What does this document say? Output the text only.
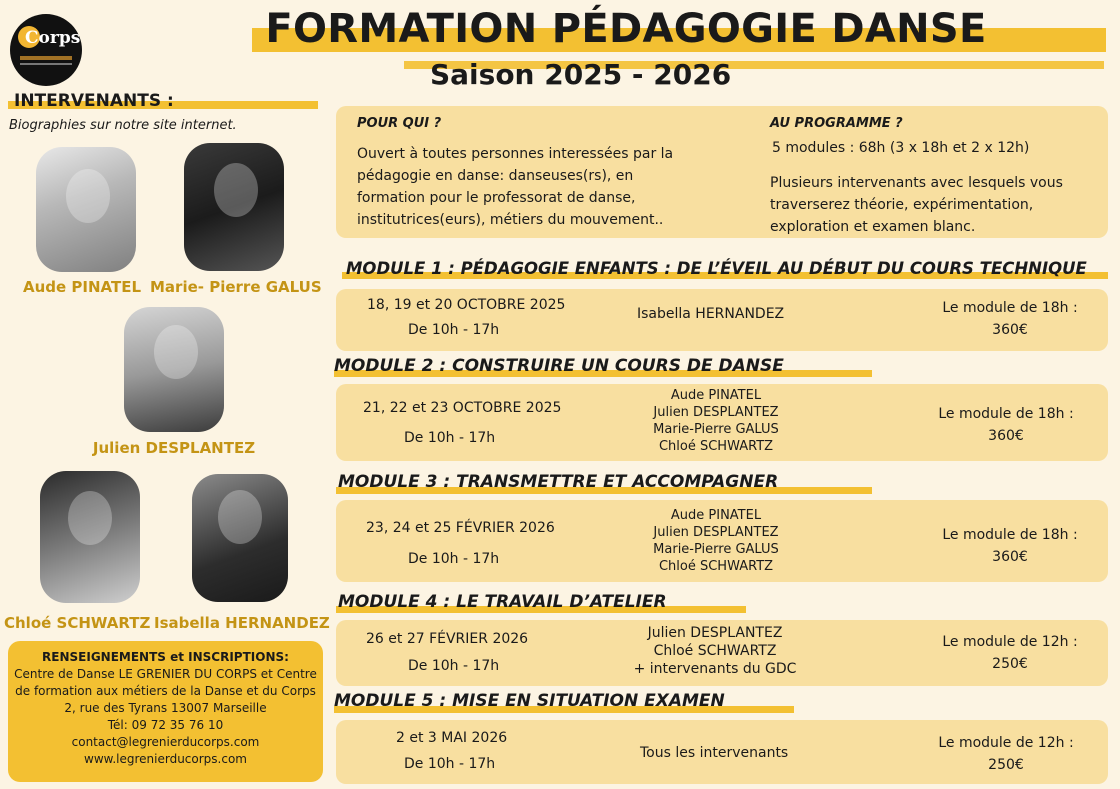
Corps	FORMATION PÉDAGOGIE DANSE
Saison 2025 - 2026
INTERVENANTS :
Biographies sur notre site internet.
Aude PINATEL Marie- Pierre GALUS
Julien DESPLANTEZ
Chloé SCHWARTZ Isabella HERNANDEZ
RENSEIGNEMENTS et INSCRIPTIONS:
Centre de Danse LE GRENIER DU CORPS et Centre
de formation aux métiers de la Danse et du Corps
2, rue des Tyrans 13007 Marseille
Tél: 09 72 35 76 10
contact@legrenierducorps.com
www.legrenierducorps.com
POUR QUI ?
Ouvert à toutes personnes interessées par la
pédagogie en danse: danseuses(rs), en
formation pour le professorat de danse,
institutrices(eurs), métiers du mouvement..
AU PROGRAMME ?
5 modules : 68h (3 x 18h et 2 x 12h)
Plusieurs intervenants avec lesquels vous
traverserez théorie, expérimentation,
exploration et examen blanc.
MODULE 1 : PÉDAGOGIE ENFANTS : DE L’ÉVEIL AU DÉBUT DU COURS TECHNIQUE
18, 19 et 20 OCTOBRE 2025
De 10h - 17h
Isabella HERNANDEZ	Le module de 18h :
360€
MODULE 2 : CONSTRUIRE UN COURS DE DANSE
21, 22 et 23 OCTOBRE 2025
De 10h - 17h
Aude PINATEL
Julien DESPLANTEZ
Marie-Pierre GALUS
Chloé SCHWARTZ
Le module de 18h :
360€
MODULE 3 : TRANSMETTRE ET ACCOMPAGNER
23, 24 et 25 FÉVRIER 2026
De 10h - 17h
Aude PINATEL
Julien DESPLANTEZ
Marie-Pierre GALUS
Chloé SCHWARTZ
Le module de 18h :
360€
MODULE 4 : LE TRAVAIL D’ATELIER
26 et 27 FÉVRIER 2026
De 10h - 17h
Julien DESPLANTEZ
Chloé SCHWARTZ
+ intervenants du GDC
Le module de 12h :
250€
MODULE 5 : MISE EN SITUATION EXAMEN
2 et 3 MAI 2026
De 10h - 17h
Tous les intervenants
Le module de 12h :
250€
